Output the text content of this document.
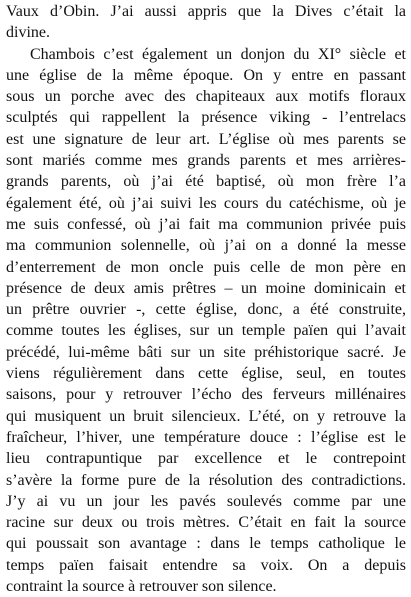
Vaux d’Obin. J’ai aussi appris que la Dives c’était la
divine.
Chambois c’est également un donjon du XI° siècle et
une église de la même époque. On y entre en passant
sous un porche avec des chapiteaux aux motifs floraux
sculptés qui rappellent la présence viking - l’entrelacs
est une signature de leur art. L’église où mes parents se
sont mariés comme mes grands parents et mes arrières-
grands parents, où j’ai été baptisé, où mon frère l’a
également été, où j’ai suivi les cours du catéchisme, où je
me suis confessé, où j’ai fait ma communion privée puis
ma communion solennelle, où j’ai on a donné la messe
d’enterrement de mon oncle puis celle de mon père en
présence de deux amis prêtres – un moine dominicain et
un prêtre ouvrier -, cette église, donc, a été construite,
comme toutes les églises, sur un temple païen qui l’avait
précédé, lui-même bâti sur un site préhistorique sacré. Je
viens régulièrement dans cette église, seul, en toutes
saisons, pour y retrouver l’écho des ferveurs millénaires
qui musiquent un bruit silencieux. L’été, on y retrouve la
fraîcheur, l’hiver, une température douce : l’église est le
lieu contrapuntique par excellence et le contrepoint
s’avère la forme pure de la résolution des contradictions.
J’y ai vu un jour les pavés soulevés comme par une
racine sur deux ou trois mètres. C’était en fait la source
qui poussait son avantage : dans le temps catholique le
temps païen faisait entendre sa voix. On a depuis
contraint la source à retrouver son silence.
